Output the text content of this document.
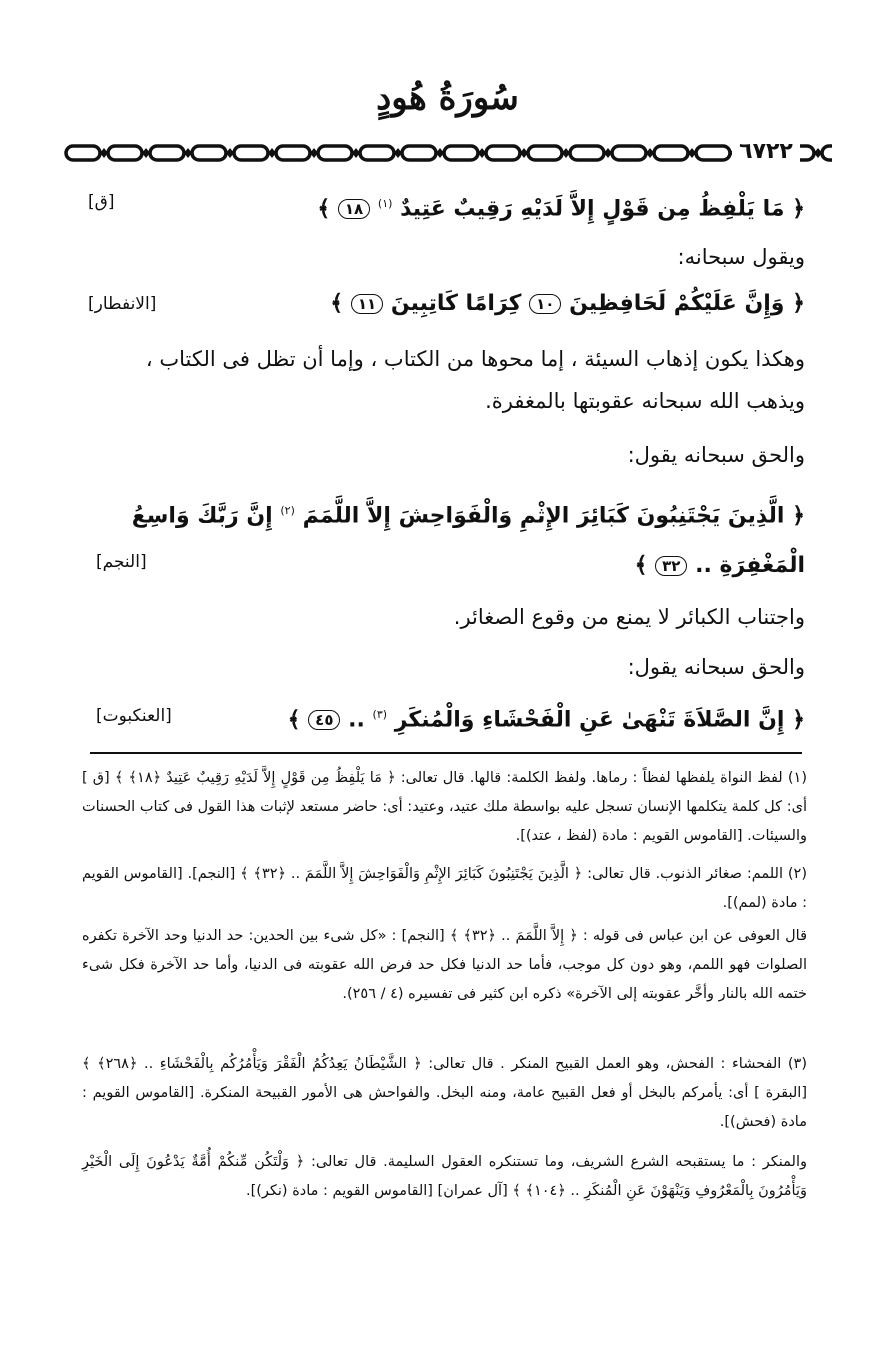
سُورَةُ هُودٍ
٦٧٢٢
﴿ مَا يَلْفِظُ مِن قَوْلٍ إِلاَّ لَدَيْهِ رَقِيبٌ عَتِيدٌ $^{(١)}$ ١٨ ﴾
[ق]
ويقول سبحانه:
﴿ وَإِنَّ عَلَيْكُمْ لَحَافِظِينَ ١٠ كِرَامًا كَاتِبِينَ ١١ ﴾
[الانفطار]
وهكذا يكون إذهاب السيئة ، إما محوها من الكتاب ، وإما أن تظل فى الكتاب ، ويذهب الله سبحانه عقوبتها بالمغفرة.
والحق سبحانه يقول:
﴿ الَّذِينَ يَجْتَنِبُونَ كَبَائِرَ الإِثْمِ وَالْفَوَاحِشَ إِلاَّ اللَّمَمَ $^{(٢)}$ إِنَّ رَبَّكَ وَاسِعُ الْمَغْفِرَةِ .. ٣٢ ﴾
[النجم]
واجتناب الكبائر لا يمنع من وقوع الصغائر.
والحق سبحانه يقول:
﴿ إِنَّ الصَّلاَةَ تَنْهَىٰ عَنِ الْفَحْشَاءِ وَالْمُنكَرِ $^{(٣)}$ .. ٤٥ ﴾
[العنكبوت]
(١) لفظ النواة يلفظها لفظاً : رماها. ولفظ الكلمة: قالها. قال تعالى: ﴿ مَا يَلْفِظُ مِن قَوْلٍ إِلاَّ لَدَيْهِ رَقِيبٌ عَتِيدٌ ﴿١٨﴾ ﴾ [ق ] أى: كل كلمة يتكلمها الإنسان تسجل عليه بواسطة ملك عتيد، وعتيد: أى: حاضر مستعد لإثبات هذا القول فى كتاب الحسنات والسيئات. [القاموس القويم : مادة (لفظ ، عتد)].
(٢) اللمم: صغائر الذنوب. قال تعالى: ﴿ الَّذِينَ يَجْتَنِبُونَ كَبَائِرَ الإِثْمِ وَالْفَوَاحِشَ إِلاَّ اللَّمَمَ .. ﴿٣٢﴾ ﴾ [النجم]. [القاموس القويم : مادة (لمم)].
قال العوفى عن ابن عباس فى قوله : ﴿ إِلاَّ اللَّمَمَ .. ﴿٣٢﴾ ﴾ [النجم] : «كل شىء بين الحدين: حد الدنيا وحد الآخرة تكفره الصلوات فهو اللمم، وهو دون كل موجب، فأما حد الدنيا فكل حد فرض الله عقوبته فى الدنيا، وأما حد الآخرة فكل شىء ختمه الله بالنار وأخَّر عقوبته إلى الآخرة» ذكره ابن كثير فى تفسيره (٤ / ٢٥٦).
(٣) الفحشاء : الفحش، وهو العمل القبيح المنكر . قال تعالى: ﴿ الشَّيْطَانُ يَعِدُكُمُ الْفَقْرَ وَيَأْمُرُكُم بِالْفَحْشَاءِ .. ﴿٢٦٨﴾ ﴾ [البقرة ] أى: يأمركم بالبخل أو فعل القبيح عامة، ومنه البخل. والفواحش هى الأمور القبيحة المنكرة. [القاموس القويم : مادة (فحش)].
والمنكر : ما يستقبحه الشرع الشريف، وما تستنكره العقول السليمة. قال تعالى: ﴿ وَلْتَكُن مِّنكُمْ أُمَّةٌ يَدْعُونَ إِلَى الْخَيْرِ وَيَأْمُرُونَ بِالْمَعْرُوفِ وَيَنْهَوْنَ عَنِ الْمُنكَرِ .. ﴿١٠٤﴾ ﴾ [آل عمران] [القاموس القويم : مادة (نكر)].
